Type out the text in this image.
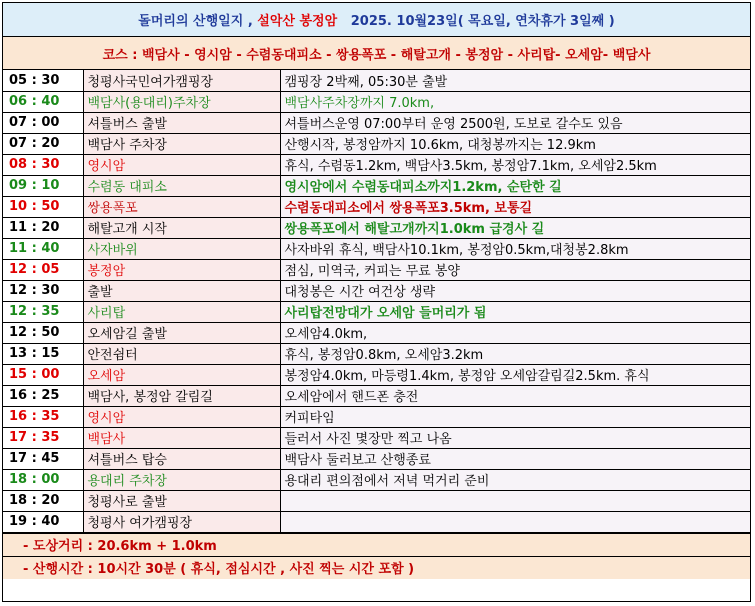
돌머리의 산행일지 ,
설악산 봉정암
2025. 10월23일( 목요일, 연차휴가 3일째 )
코스 : 백담사 - 영시암 - 수렴동대피소 - 쌍용폭포 - 해탈고개 - 봉정암 - 사리탑- 오세암- 백담사
05 : 30	청평사국민여가캠핑장	캠핑장 2박째, 05:30분 출발
06 : 40	백담사(용대리)주차장	백담사주차장까지 7.0km,
07 : 00	셔틀버스 출발	셔틀버스운영 07:00부터 운영 2500원, 도보로 갈수도 있음
07 : 20	백담사 주차장	산행시작, 봉정암까지 10.6km, 대청봉까지는 12.9km
08 : 30	영시암	휴식, 수렴동1.2km, 백담사3.5km, 봉정암7.1km, 오세암2.5km
09 : 10	수렴동 대피소	영시암에서 수렴동대피소까지1.2km, 순탄한 길
10 : 50	쌍용폭포	수렴동대피소에서 쌍용폭포3.5km, 보통길
11 : 20	해탈고개 시작	쌍용폭포에서 해탈고개까지1.0km 급경사 길
11 : 40	사자바위	사자바위 휴식, 백담사10.1km, 봉정암0.5km,대청봉2.8km
12 : 05	봉정암	점심, 미역국, 커피는 무료 봉양
12 : 30	출발	대청봉은 시간 여건상 생략
12 : 35	사리탑	사리탑전망대가 오세암 들머리가 됨
12 : 50	오세암길 출발	오세암4.0km,
13 : 15	안전쉼터	휴식, 봉정암0.8km, 오세암3.2km
15 : 00	오세암	봉정암4.0km, 마등령1.4km, 봉정암 오세암갈림길2.5km. 휴식
16 : 25	백담사, 봉정암 갈림길	오세암에서 핸드폰 충전
16 : 35	영시암	커피타임
17 : 35	백담사	들러서 사진 몇장만 찍고 나옴
17 : 45	셔틀버스 탑승	백담사 둘러보고 산행종료
18 : 00	용대리 주차장	용대리 편의점에서 저녁 먹거리 준비
18 : 20	청평사로 출발	
19 : 40	청평사 여가캠핑장	
- 도상거리 : 20.6km + 1.0km
- 산행시간 : 10시간 30분 ( 휴식, 점심시간 , 사진 찍는 시간 포함 )
